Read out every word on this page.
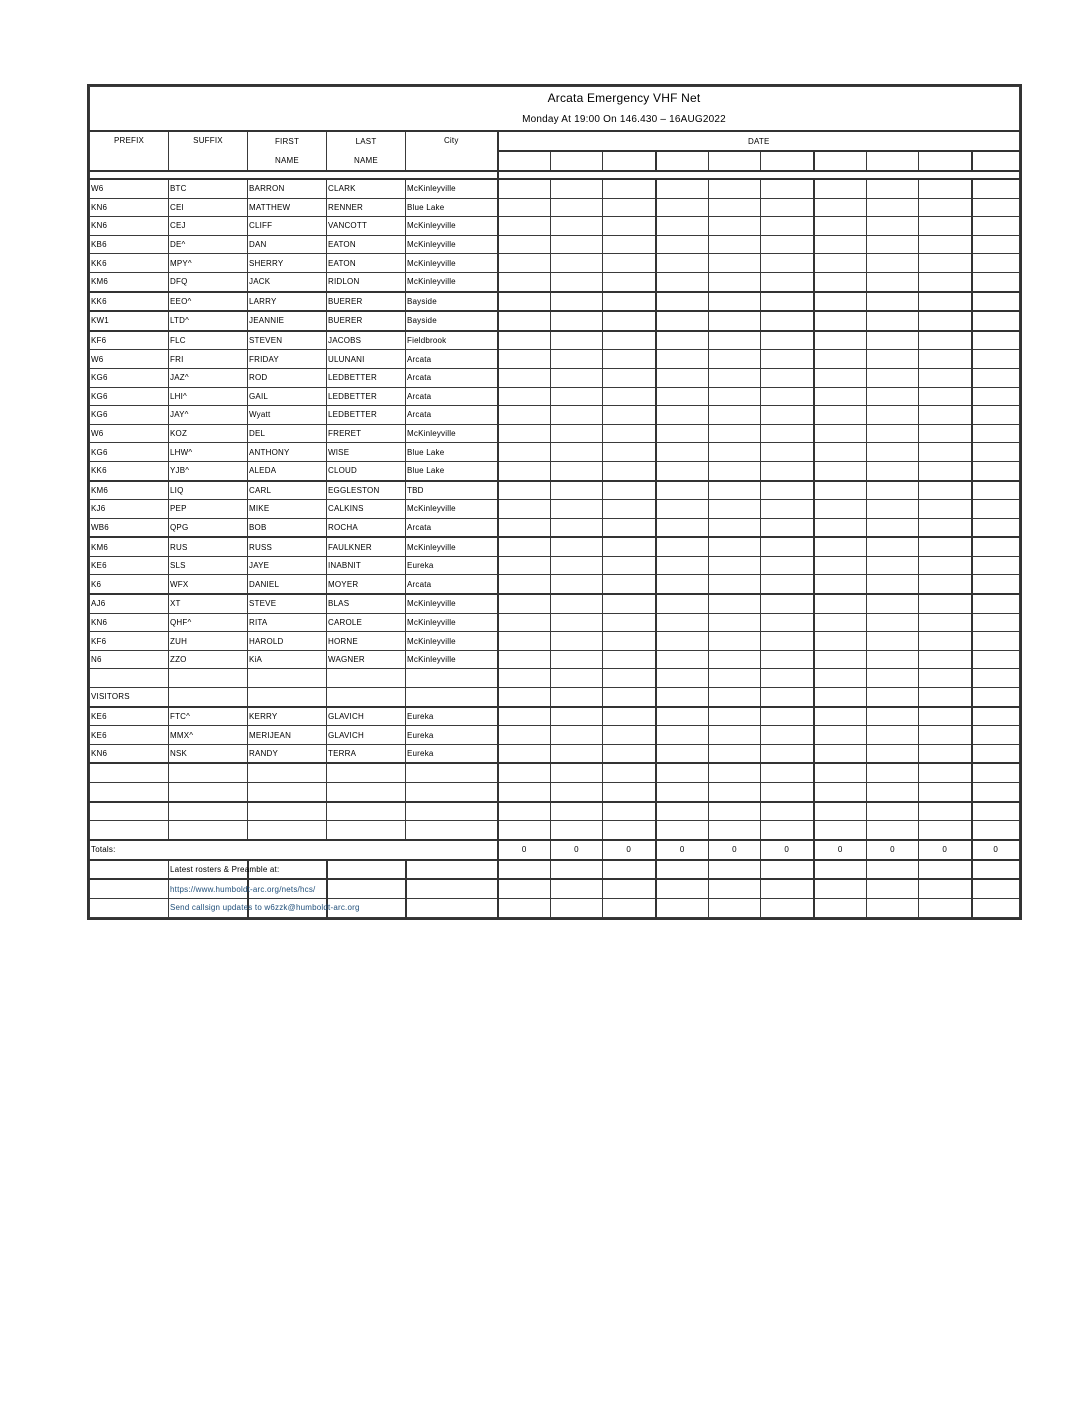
Arcata Emergency VHF Net														
Monday At 19:00 On 146.430 – 16AUG2022														
PREFIX	SUFFIX	FIRST	LAST	City	DATE									
		NAME	NAME											

W6	BTC	BARRON	CLARK	McKinleyville										
KN6	CEI	MATTHEW	RENNER	Blue Lake										
KN6	CEJ	CLIFF	VANCOTT	McKinleyville										
KB6	DE^	DAN	EATON	McKinleyville										
KK6	MPY^	SHERRY	EATON	McKinleyville										
KM6	DFQ	JACK	RIDLON	McKinleyville										
KK6	EEO^	LARRY	BUERER	Bayside										
KW1	LTD^	JEANNIE	BUERER	Bayside										
KF6	FLC	STEVEN	JACOBS	Fieldbrook										
W6	FRI	FRIDAY	ULUNANI	Arcata										
KG6	JAZ^	ROD	LEDBETTER	Arcata										
KG6	LHI^	GAIL	LEDBETTER	Arcata										
KG6	JAY^	Wyatt	LEDBETTER	Arcata										
W6	KOZ	DEL	FRERET	McKinleyville										
KG6	LHW^	ANTHONY	WISE	Blue Lake										
KK6	YJB^	ALEDA	CLOUD	Blue Lake										
KM6	LIQ	CARL	EGGLESTON	TBD										
KJ6	PEP	MIKE	CALKINS	McKinleyville										
WB6	QPG	BOB	ROCHA	Arcata										
KM6	RUS	RUSS	FAULKNER	McKinleyville										
KE6	SLS	JAYE	INABNIT	Eureka										
K6	WFX	DANIEL	MOYER	Arcata										
AJ6	XT	STEVE	BLAS	McKinleyville										
KN6	QHF^	RITA	CAROLE	McKinleyville										
KF6	ZUH	HAROLD	HORNE	McKinleyville										
N6	ZZO	KiA	WAGNER	McKinleyville										

VISITORS														
KE6	FTC^	KERRY	GLAVICH	Eureka										
KE6	MMX^	MERIJEAN	GLAVICH	Eureka										
KN6	NSK	RANDY	TERRA	Eureka										

Totals:					0	0	0	0	0	0	0	0	0	0
	Latest rosters & Preamble at:													
	https://www.humboldt-arc.org/nets/hcs/													
	Send callsign updates to w6zzk@humboldt-arc.org													
